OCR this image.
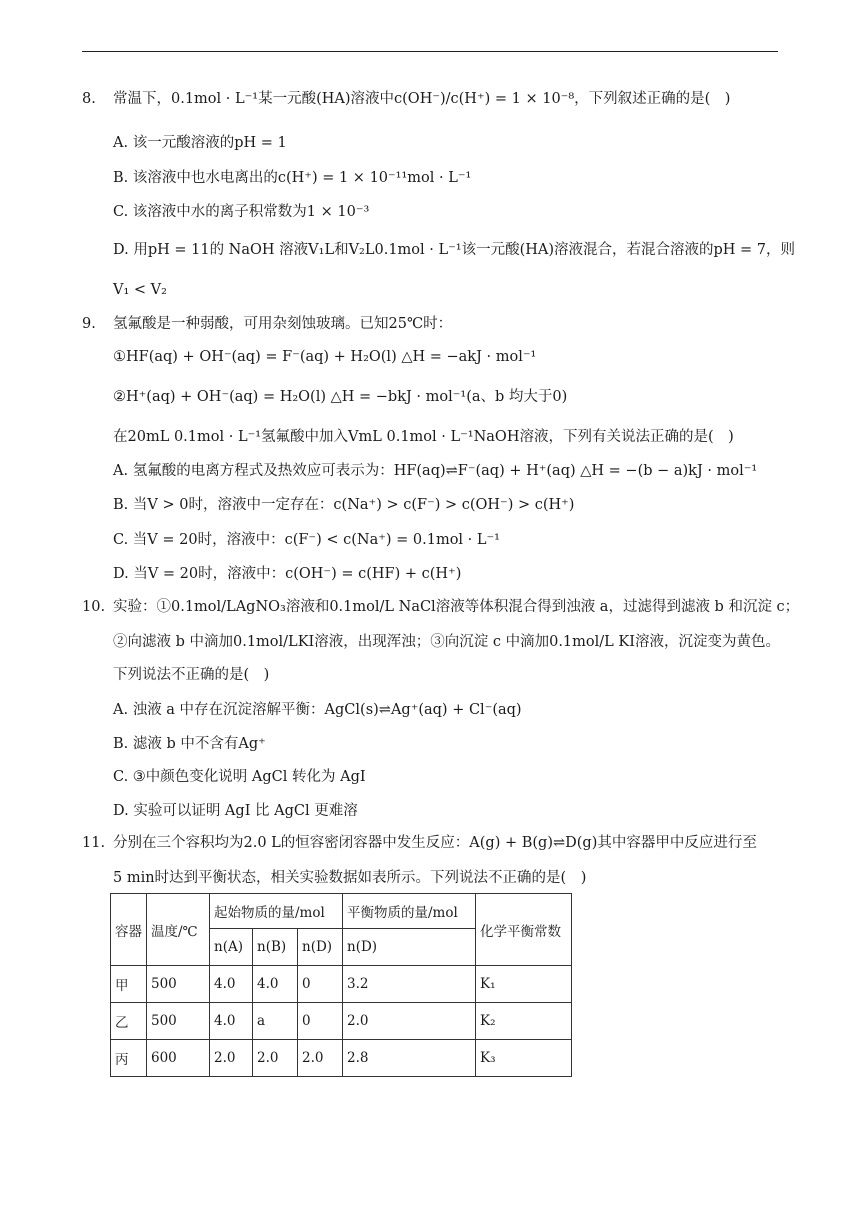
8. 常温下，0.1mol · L⁻¹某一元酸(HA)溶液中c(OH⁻)/c(H⁺) = 1 × 10⁻⁸，下列叙述正确的是(　)
A. 该一元酸溶液的pH = 1
B. 该溶液中也水电离出的c(H⁺) = 1 × 10⁻¹¹mol · L⁻¹
C. 该溶液中水的离子积常数为1 × 10⁻³
D. 用pH = 11的 NaOH 溶液V₁L和V₂L0.1mol · L⁻¹该一元酸(HA)溶液混合，若混合溶液的pH = 7，则
V₁ < V₂
9. 氢氟酸是一种弱酸，可用杂刻蚀玻璃。已知25℃时：
①HF(aq) + OH⁻(aq) = F⁻(aq) + H₂O(l) △H = −akJ · mol⁻¹
②H⁺(aq) + OH⁻(aq) = H₂O(l) △H = −bkJ · mol⁻¹(a、b 均大于0)
在20mL 0.1mol · L⁻¹氢氟酸中加入VmL 0.1mol · L⁻¹NaOH溶液，下列有关说法正确的是(　)
A. 氢氟酸的电离方程式及热效应可表示为：HF(aq)⇌F⁻(aq) + H⁺(aq) △H = −(b − a)kJ · mol⁻¹
B. 当V > 0时，溶液中一定存在：c(Na⁺) > c(F⁻) > c(OH⁻) > c(H⁺)
C. 当V = 20时，溶液中：c(F⁻) < c(Na⁺) = 0.1mol · L⁻¹
D. 当V = 20时，溶液中：c(OH⁻) = c(HF) + c(H⁺)
10. 实验：①0.1mol/LAgNO₃溶液和0.1mol/L NaCl溶液等体积混合得到浊液 a，过滤得到滤液 b 和沉淀 c；
②向滤液 b 中滴加0.1mol/LKI溶液，出现浑浊；③向沉淀 c 中滴加0.1mol/L KI溶液，沉淀变为黄色。
下列说法不正确的是(　)
A. 浊液 a 中存在沉淀溶解平衡：AgCl(s)⇌Ag⁺(aq) + Cl⁻(aq)
B. 滤液 b 中不含有Ag⁺
C. ③中颜色变化说明 AgCl 转化为 AgI
D. 实验可以证明 AgI 比 AgCl 更难溶
11. 分别在三个容积均为2.0 L的恒容密闭容器中发生反应：A(g) + B(g)⇌D(g)其中容器甲中反应进行至
5 min时达到平衡状态，相关实验数据如表所示。下列说法不正确的是(　)
容器	温度/℃	起始物质的量/mol			平衡物质的量/mol	化学平衡常数
		n(A)	n(B)	n(D)	n(D)	
甲	500	4.0	4.0	0	3.2	K₁
乙	500	4.0	a	0	2.0	K₂
丙	600	2.0	2.0	2.0	2.8	K₃
